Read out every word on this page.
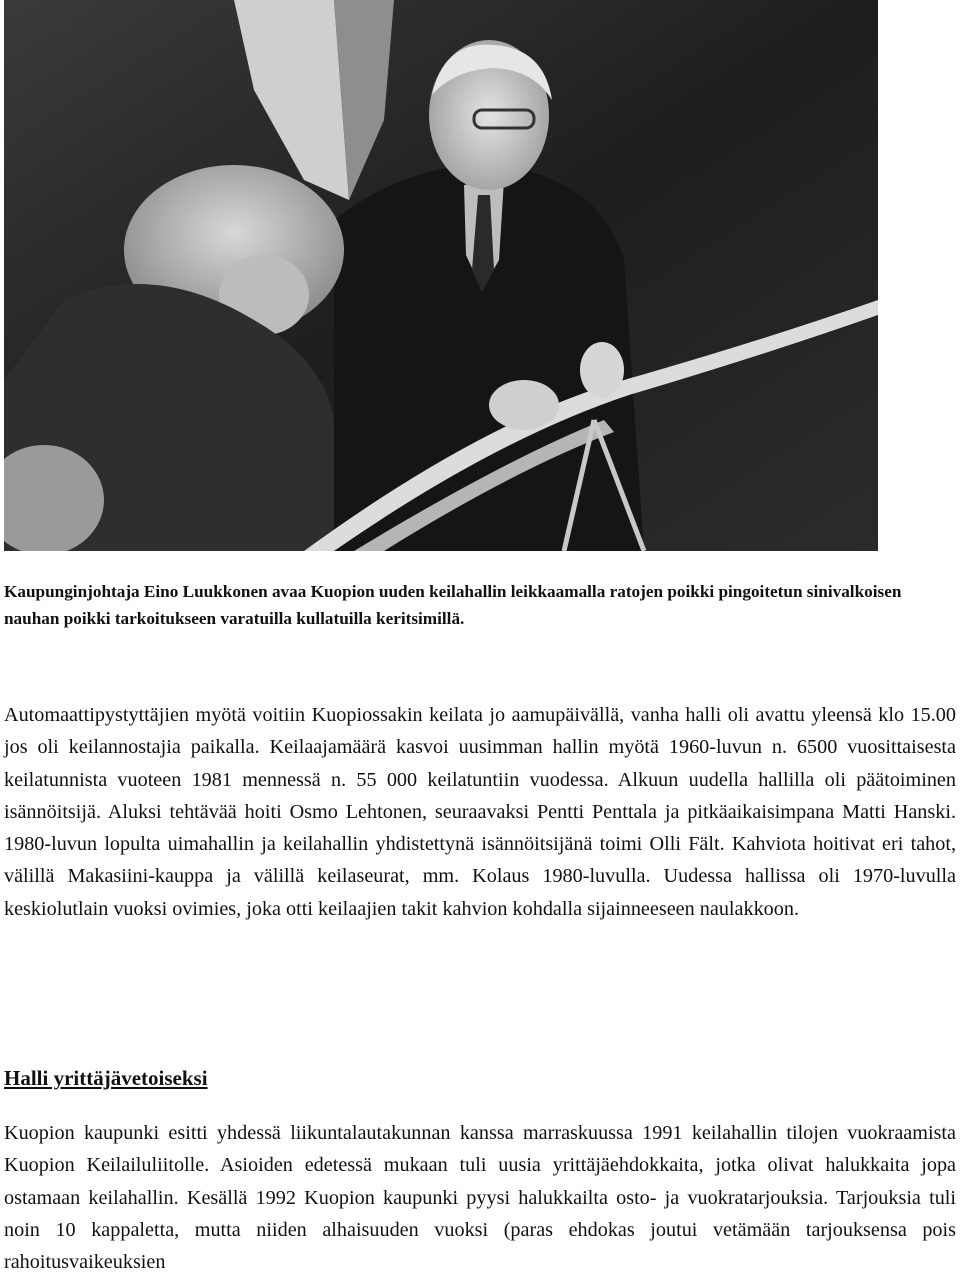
Kaupunginjohtaja Eino Luukkonen avaa Kuopion uuden keilahallin leikkaamalla ratojen poikki pingoitetun sinivalkoisen nauhan poikki tarkoitukseen varatuilla kullatuilla keritsimillä.

Automaattipystyttäjien myötä voitiin Kuopiossakin keilata jo aamupäivällä, vanha halli oli avattu yleensä klo 15.00 jos oli keilannostajia paikalla. Keilaajamäärä kasvoi uusimman hallin myötä 1960-luvun n. 6500 vuosittaisesta keilatunnista vuoteen 1981 mennessä n. 55 000 keilatuntiin vuodessa. Alkuun uudella hallilla oli päätoiminen isännöitsijä. Aluksi tehtävää hoiti Osmo Lehtonen, seuraavaksi Pentti Penttala ja pitkäaikaisimpana Matti Hanski. 1980-luvun lopulta uimahallin ja keilahallin yhdistettynä isännöitsijänä toimi Olli Fält. Kahviota hoitivat eri tahot, välillä Makasiini-kauppa ja välillä keilaseurat, mm. Kolaus 1980-luvulla. Uudessa hallissa oli 1970-luvulla keskiolutlain vuoksi ovimies, joka otti keilaajien takit kahvion kohdalla sijainneeseen naulakkoon.

Halli yrittäjävetoiseksi

Kuopion kaupunki esitti yhdessä liikuntalautakunnan kanssa marraskuussa 1991 keilahallin tilojen vuokraamista Kuopion Keilailuliitolle. Asioiden edetessä mukaan tuli uusia yrittäjäehdokkaita, jotka olivat halukkaita jopa ostamaan keilahallin. Kesällä 1992 Kuopion kaupunki pyysi halukkailta osto- ja vuokratarjouksia. Tarjouksia tuli noin 10 kappaletta, mutta niiden alhaisuuden vuoksi (paras ehdokas joutui vetämään tarjouksensa pois rahoitusvaikeuksien
